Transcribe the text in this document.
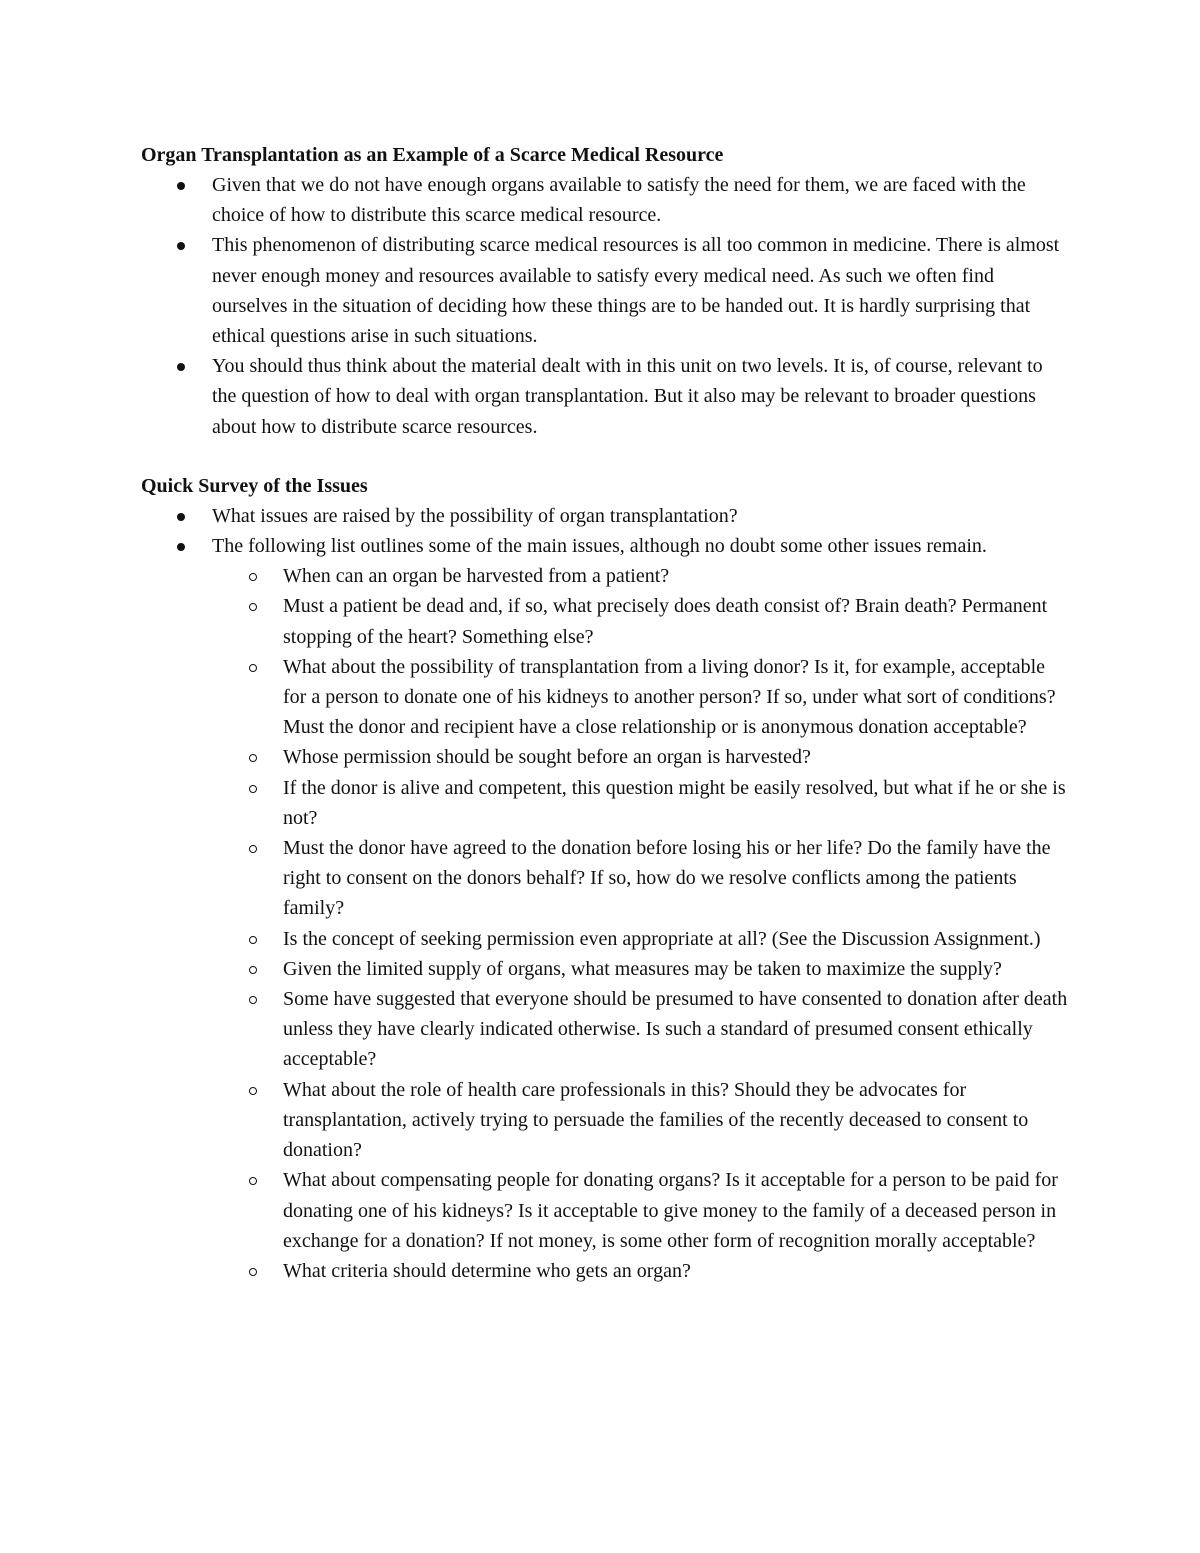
Organ Transplantation as an Example of a Scarce Medical Resource

Given that we do not have enough organs available to satisfy the need for them, we are faced with the choice of how to distribute this scarce medical resource.
This phenomenon of distributing scarce medical resources is all too common in medicine. There is almost never enough money and resources available to satisfy every medical need. As such we often find ourselves in the situation of deciding how these things are to be handed out. It is hardly surprising that ethical questions arise in such situations.
You should thus think about the material dealt with in this unit on two levels. It is, of course, relevant to the question of how to deal with organ transplantation. But it also may be relevant to broader questions about how to distribute scarce resources.

Quick Survey of the Issues

What issues are raised by the possibility of organ transplantation?
The following list outlines some of the main issues, although no doubt some other issues remain.
When can an organ be harvested from a patient?
Must a patient be dead and, if so, what precisely does death consist of? Brain death? Permanent stopping of the heart? Something else?
What about the possibility of transplantation from a living donor? Is it, for example, acceptable for a person to donate one of his kidneys to another person? If so, under what sort of conditions? Must the donor and recipient have a close relationship or is anonymous donation acceptable?
Whose permission should be sought before an organ is harvested?
If the donor is alive and competent, this question might be easily resolved, but what if he or she is not?
Must the donor have agreed to the donation before losing his or her life? Do the family have the right to consent on the donors behalf? If so, how do we resolve conflicts among the patients family?
Is the concept of seeking permission even appropriate at all? (See the Discussion Assignment.)
Given the limited supply of organs, what measures may be taken to maximize the supply?
Some have suggested that everyone should be presumed to have consented to donation after death unless they have clearly indicated otherwise. Is such a standard of presumed consent ethically acceptable?
What about the role of health care professionals in this? Should they be advocates for transplantation, actively trying to persuade the families of the recently deceased to consent to donation?
What about compensating people for donating organs? Is it acceptable for a person to be paid for donating one of his kidneys? Is it acceptable to give money to the family of a deceased person in exchange for a donation? If not money, is some other form of recognition morally acceptable?
What criteria should determine who gets an organ?
